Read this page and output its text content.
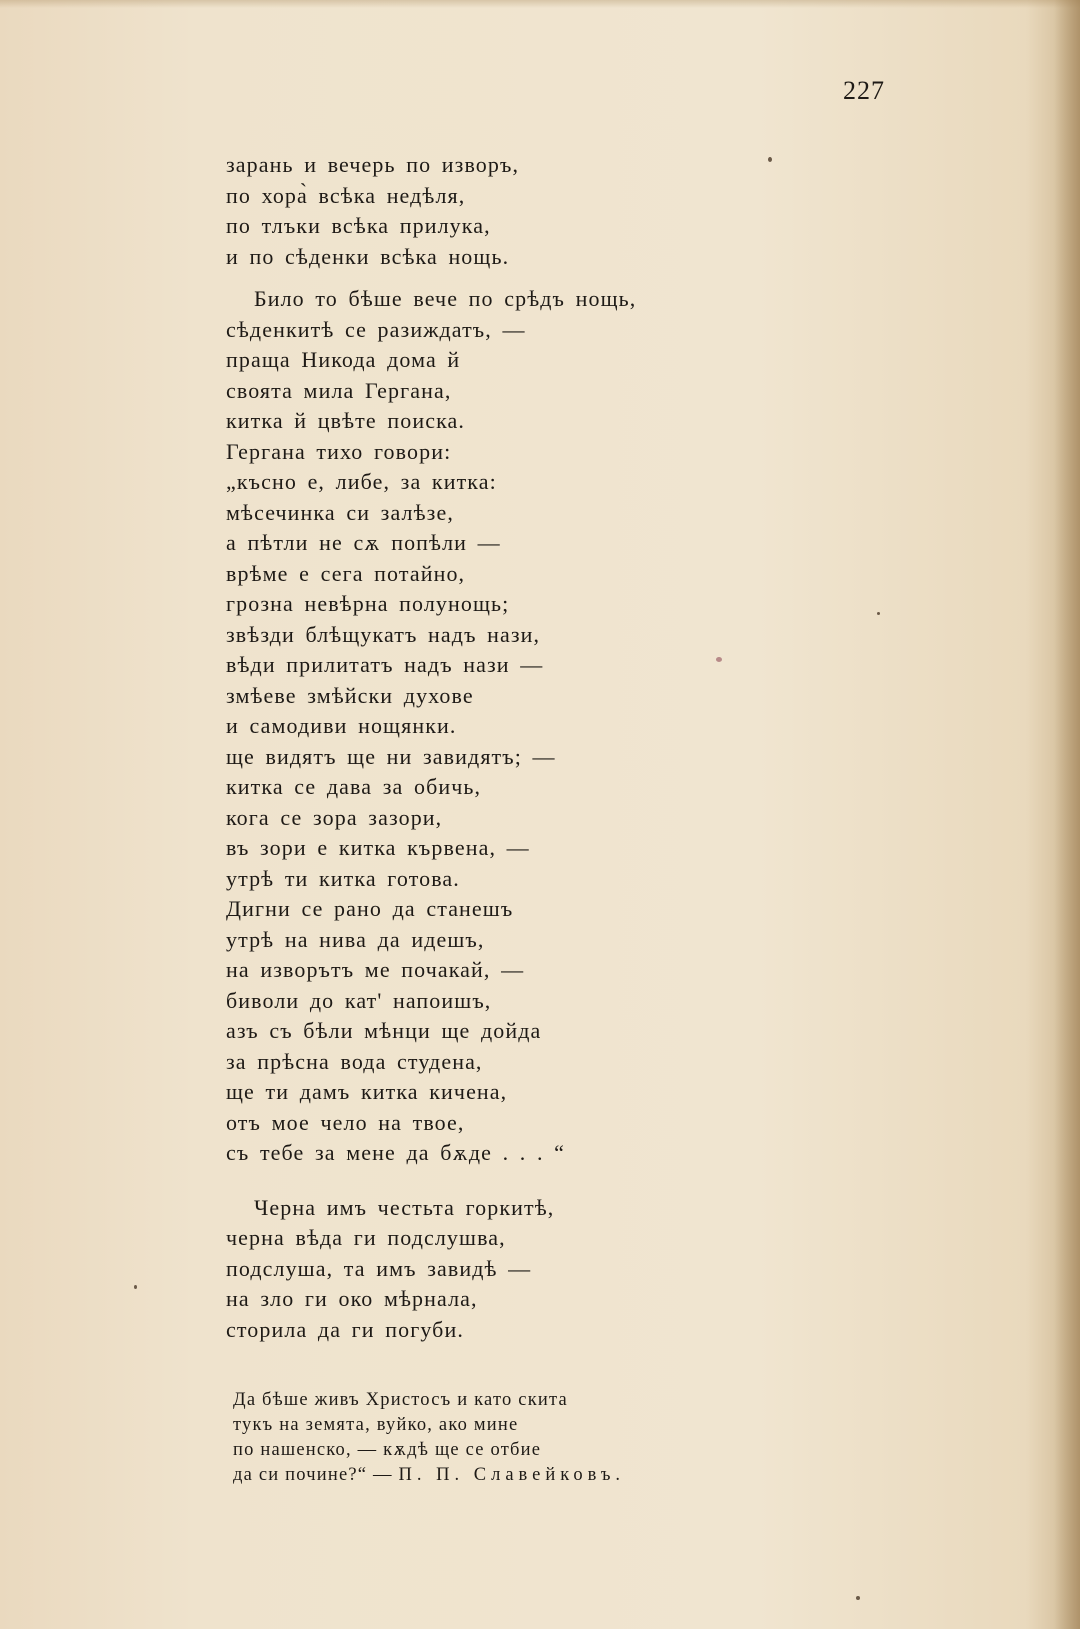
227
зарань и вечерь по изворъ,
по хора̀ всѣка недѣля,
по тлъки всѣка прилука,
и по сѣденки всѣка нощь.
Било то бѣше вече по срѣдъ нощь,
сѣденкитѣ се разиждатъ, —
праща Никода дома й
своята мила Гергана,
китка й цвѣте поиска.
Гергана тихо говори:
„късно е, либе, за китка:
мѣсечинка си залѣзе,
а пѣтли не сѫ попѣли —
врѣме е сега потайно,
грозна невѣрна полунощь;
звѣзди блѣщукатъ надъ нази,
вѣди прилитатъ надъ нази —
змѣеве змѣйски духове
и самодиви нощянки.
ще видятъ ще ни завидятъ; —
китка се дава за обичь,
кога се зора зазори,
въ зори е китка кървена, —
утрѣ ти китка готова.
Дигни се рано да станешъ
утрѣ на нива да идешъ,
на изворътъ ме почакай, —
биволи до кат' напоишъ,
азъ съ бѣли мѣнци ще дойда
за прѣсна вода студена,
ще ти дамъ китка кичена,
отъ мое чело на твое,
съ тебе за мене да бѫде . . . “
Черна имъ честьта горкитѣ,
черна вѣда ги подслушва,
подслуша, та имъ завидѣ —
на зло ги око мѣрнала,
сторила да ги погуби.
Да бѣше живъ Христосъ и като скита
тукъ на земята, вуйко, ако мине
по нашенско, — кѫдѣ ще се отбие
да си почине?“ — П. П. Славейковъ.
